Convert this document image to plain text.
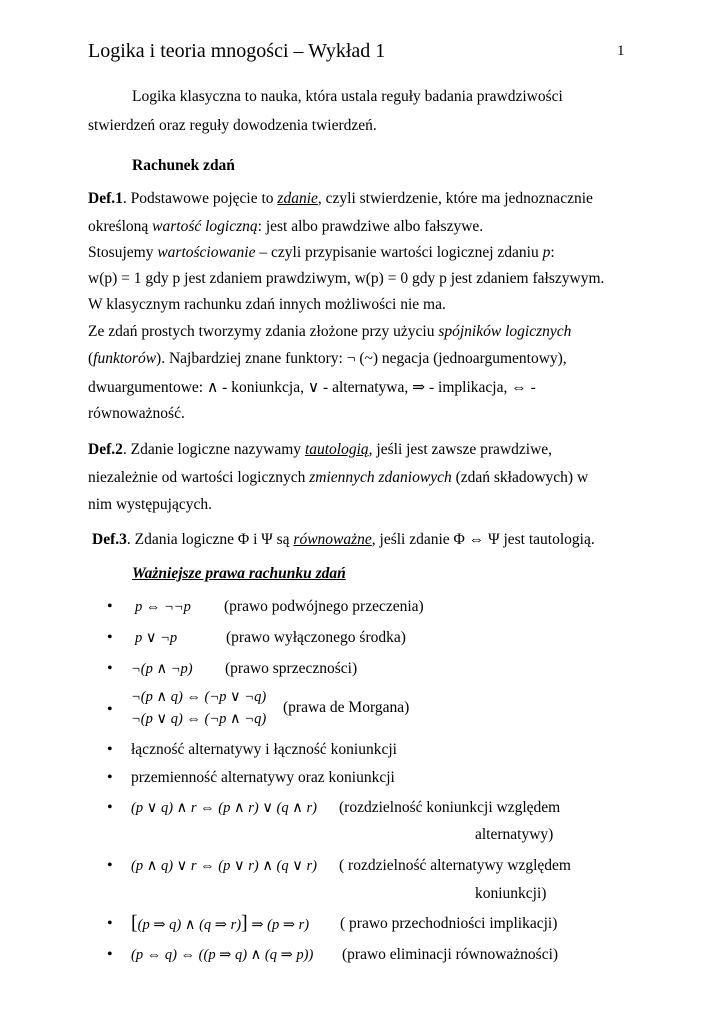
Logika i teoria mnogości – Wykład 1	1
Logika klasyczna to nauka, która ustala reguły badania prawdziwości
stwierdzeń oraz reguły dowodzenia twierdzeń.
Rachunek zdań
Def.1. Podstawowe pojęcie to zdanie, czyli stwierdzenie, które ma jednoznacznie
określoną wartość logiczną: jest albo prawdziwe albo fałszywe.
Stosujemy wartościowanie – czyli przypisanie wartości logicznej zdaniu p:
w(p) = 1 gdy p jest zdaniem prawdziwym, w(p) = 0 gdy p jest zdaniem fałszywym.
W klasycznym rachunku zdań innych możliwości nie ma.
Ze zdań prostych tworzymy zdania złożone przy użyciu spójników logicznych
(funktorów). Najbardziej znane funktory: ¬ (~) negacja (jednoargumentowy),
dwuargumentowe: ∧ - koniunkcja, ∨ - alternatywa, ⇒ - implikacja, ⇔ -
równoważność.
Def.2. Zdanie logiczne nazywamy tautologią, jeśli jest zawsze prawdziwe,
niezależnie od wartości logicznych zmiennych zdaniowych (zdań składowych) w
nim występujących.
Def.3. Zdania logiczne Φ i Ψ są równoważne, jeśli zdanie Φ ⇔ Ψ jest tautologią.
Ważniejsze prawa rachunku zdań
• p ⇔ ¬¬p (prawo podwójnego przeczenia)
• p ∨ ¬p	(prawo wyłączonego środka)
• ¬(p ∧ ¬p) (prawo sprzeczności)
•
¬(p ∧ q) ⇔ (¬p ∨ ¬q)
¬(p ∨ q) ⇔ (¬p ∧ ¬q)
(prawa de Morgana)
• łączność alternatywy i łączność koniunkcji
• przemienność alternatywy oraz koniunkcji
• (p ∨ q) ∧ r ⇔ (p ∧ r) ∨ (q ∧ r) (rozdzielność koniunkcji względem
alternatywy)
• (p ∧ q) ∨ r ⇔ (p ∨ r) ∧ (q ∨ r) ( rozdzielność alternatywy względem
koniunkcji)
• [(p ⇒ q) ∧ (q ⇒ r)] ⇒ (p ⇒ r) ( prawo przechodniości implikacji)
• (p ⇔ q) ⇔ ((p ⇒ q) ∧ (q ⇒ p)) (prawo eliminacji równoważności)
